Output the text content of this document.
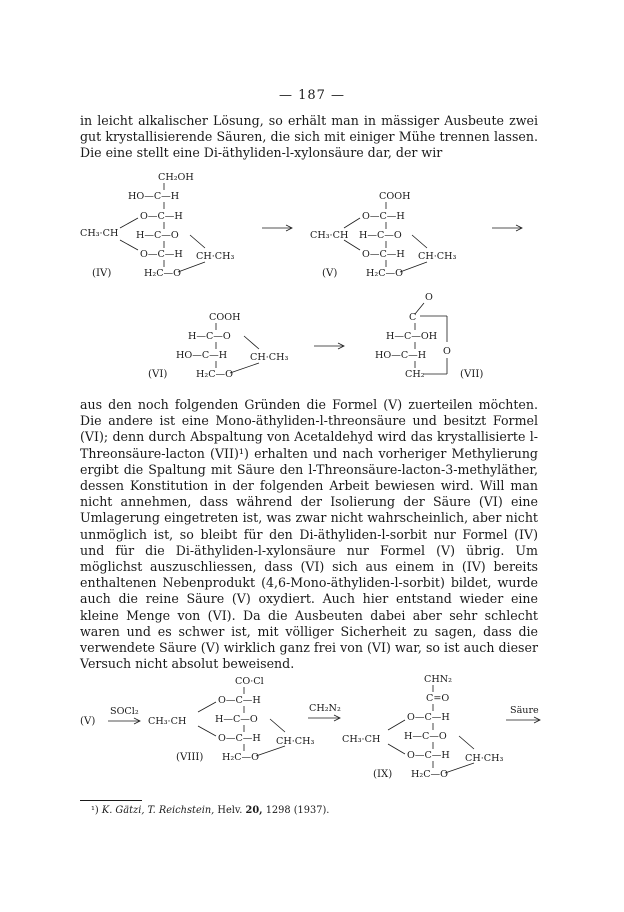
— 187 —

in leicht alkalischer Lösung, so erhält man in mässiger Ausbeute zwei gut krystallisierende Säuren, die sich mit einiger Mühe trennen lassen. Die eine stellt eine Di-äthyliden-l-xylonsäure dar, der wir

CH₂OH
HO—C—H
O—C—H
CH₃·CH H—C—O
O—C—H CH·CH₃
H₂C—O
(IV)
COOH
O—C—H
CH₃·CH H—C—O
O—C—H CH·CH₃
H₂C—O
(V)
COOH
H—C—O
HO—C—H CH·CH₃
H₂C—O
(VI)
O
C
H—C—OH
O
HO—C—H
CH₂	(VII)

aus den noch folgenden Gründen die Formel (V) zuerteilen möchten. Die andere ist eine Mono-äthyliden-l-threonsäure und besitzt Formel (VI); denn durch Abspaltung von Acetaldehyd wird das krystallisierte l-Threonsäure-lacton (VII)¹) erhalten und nach vorheriger Methylierung ergibt die Spaltung mit Säure den l-Threonsäure-lacton-3-methyläther, dessen Konstitution in der folgenden Arbeit bewiesen wird. Will man nicht annehmen, dass während der Isolierung der Säure (VI) eine Umlagerung eingetreten ist, was zwar nicht wahrscheinlich, aber nicht unmöglich ist, so bleibt für den Di-äthyliden-l-sorbit nur Formel (IV) und für die Di-äthyliden-l-xylonsäure nur Formel (V) übrig. Um möglichst auszuschliessen, dass (VI) sich aus einem in (IV) bereits enthaltenen Nebenprodukt (4,6-Mono-äthyliden-l-sorbit) bildet, wurde auch die reine Säure (V) oxydiert. Auch hier entstand wieder eine kleine Menge von (VI). Da die Ausbeuten dabei aber sehr schlecht waren und es schwer ist, mit völliger Sicherheit zu sagen, dass die verwendete Säure (V) wirklich ganz frei von (VI) war, so ist auch dieser Versuch nicht absolut beweisend.

(V)
SOCl₂
CO·Cl
O—C—H
CH₃·CH	H—C—O
O—C—H CH·CH₃
H₂C—O
(VIII)
CH₂N₂
CHN₂
C=O
O—C—H
CH₃·CH H—C—O
O—C—H CH·CH₃
H₂C—O
(IX)
Säure

¹) K. Gätzi, T. Reichstein, Helv. 20, 1298 (1937).
